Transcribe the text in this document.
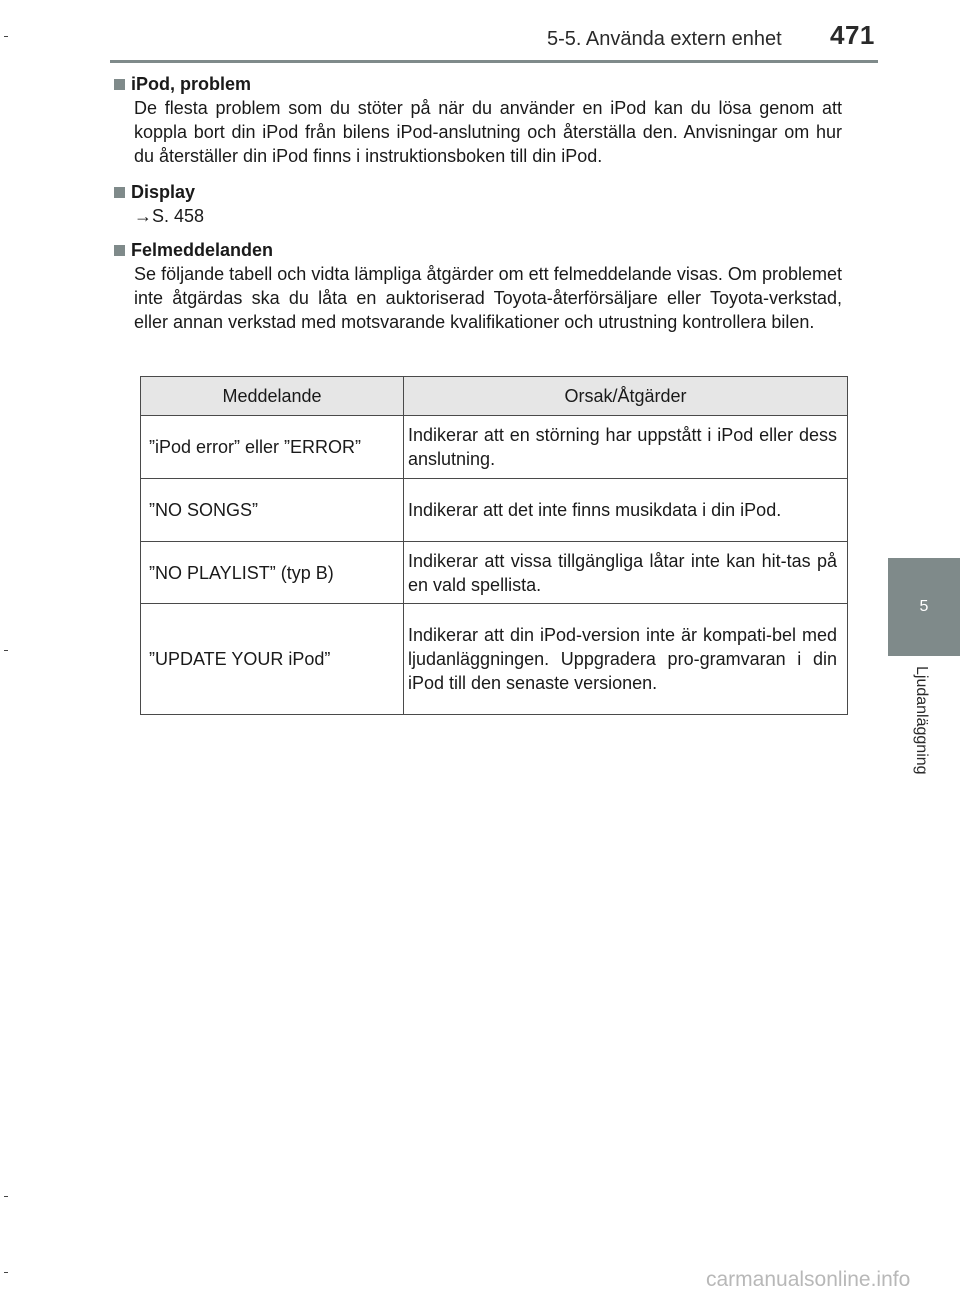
5-5. Använda extern enhet 471
5
Ljudanläggning
iPod, problem
De flesta problem som du stöter på när du använder en iPod kan du lösa genom att koppla bort din iPod från bilens iPod-anslutning och återställa den. Anvisningar om hur du återställer din iPod finns i instruktionsboken till din iPod.
Display
→S. 458
Felmeddelanden
Se följande tabell och vidta lämpliga åtgärder om ett felmeddelande visas. Om problemet inte åtgärdas ska du låta en auktoriserad Toyota-återförsäljare eller Toyota-verkstad, eller annan verkstad med motsvarande kvalifikationer och utrustning kontrollera bilen.
Meddelande	Orsak/Åtgärder
”iPod error” eller ”ERROR”	Indikerar att en störning har uppstått i iPod eller dess anslutning.
”NO SONGS”	Indikerar att det inte finns musikdata i din iPod.
”NO PLAYLIST” (typ B)	Indikerar att vissa tillgängliga låtar inte kan hit-tas på en vald spellista.
”UPDATE YOUR iPod”	Indikerar att din iPod-version inte är kompati-bel med ljudanläggningen. Uppgradera pro-gramvaran i din iPod till den senaste versionen.
carmanualsonline.info
